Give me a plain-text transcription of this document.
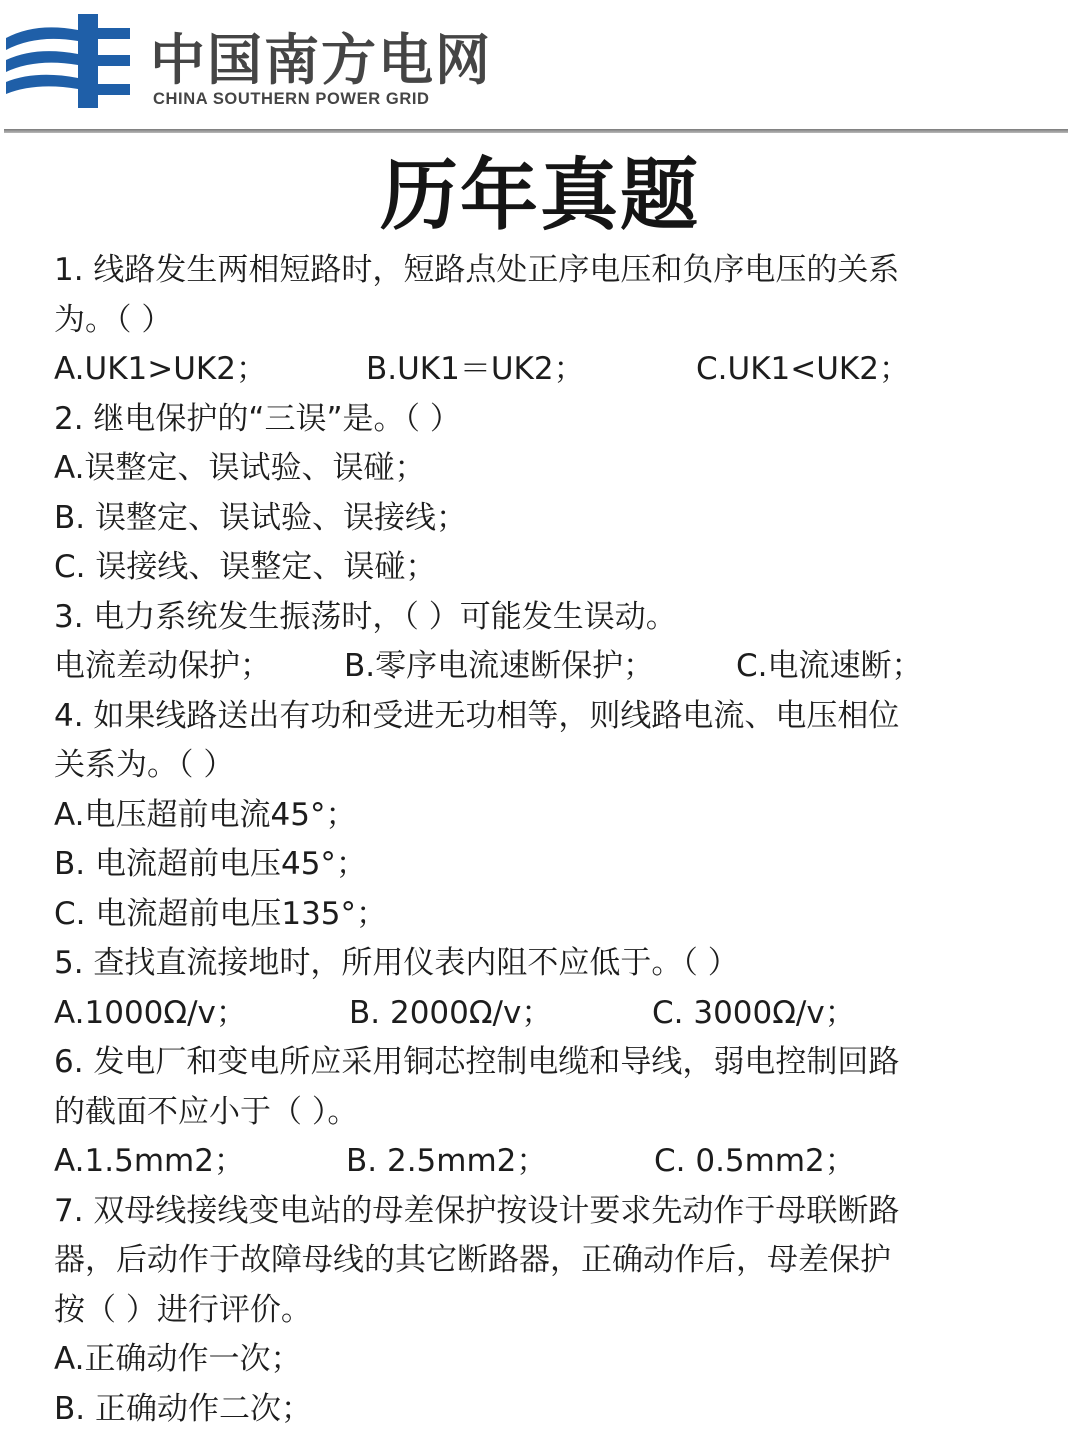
中国南方电网
CHINA SOUTHERN POWER GRID
历年真题
1. 线路发生两相短路时，短路点处正序电压和负序电压的关系
为。（ ）
A.UK1>UK2；	B.UK1＝UK2；	C.UK1<UK2；
2. 继电保护的“三误”是。（ ）
A.误整定、误试验、误碰；
B. 误整定、误试验、误接线；
C. 误接线、误整定、误碰；
3. 电力系统发生振荡时，（ ）可能发生误动。
电流差动保护； B.零序电流速断保护；	C.电流速断；
4. 如果线路送出有功和受进无功相等，则线路电流、电压相位
关系为。（ ）
A.电压超前电流45°；
B. 电流超前电压45°；
C. 电流超前电压135°；
5. 查找直流接地时，所用仪表内阻不应低于。（ ）
A.1000Ω/v；	B. 2000Ω/v；	C. 3000Ω/v；
6. 发电厂和变电所应采用铜芯控制电缆和导线，弱电控制回路
的截面不应小于（ ）。
A.1.5mm2；	B. 2.5mm2；	C. 0.5mm2；
7. 双母线接线变电站的母差保护按设计要求先动作于母联断路
器，后动作于故障母线的其它断路器，正确动作后，母差保护
按（ ）进行评价。
A.正确动作一次；
B. 正确动作二次；
